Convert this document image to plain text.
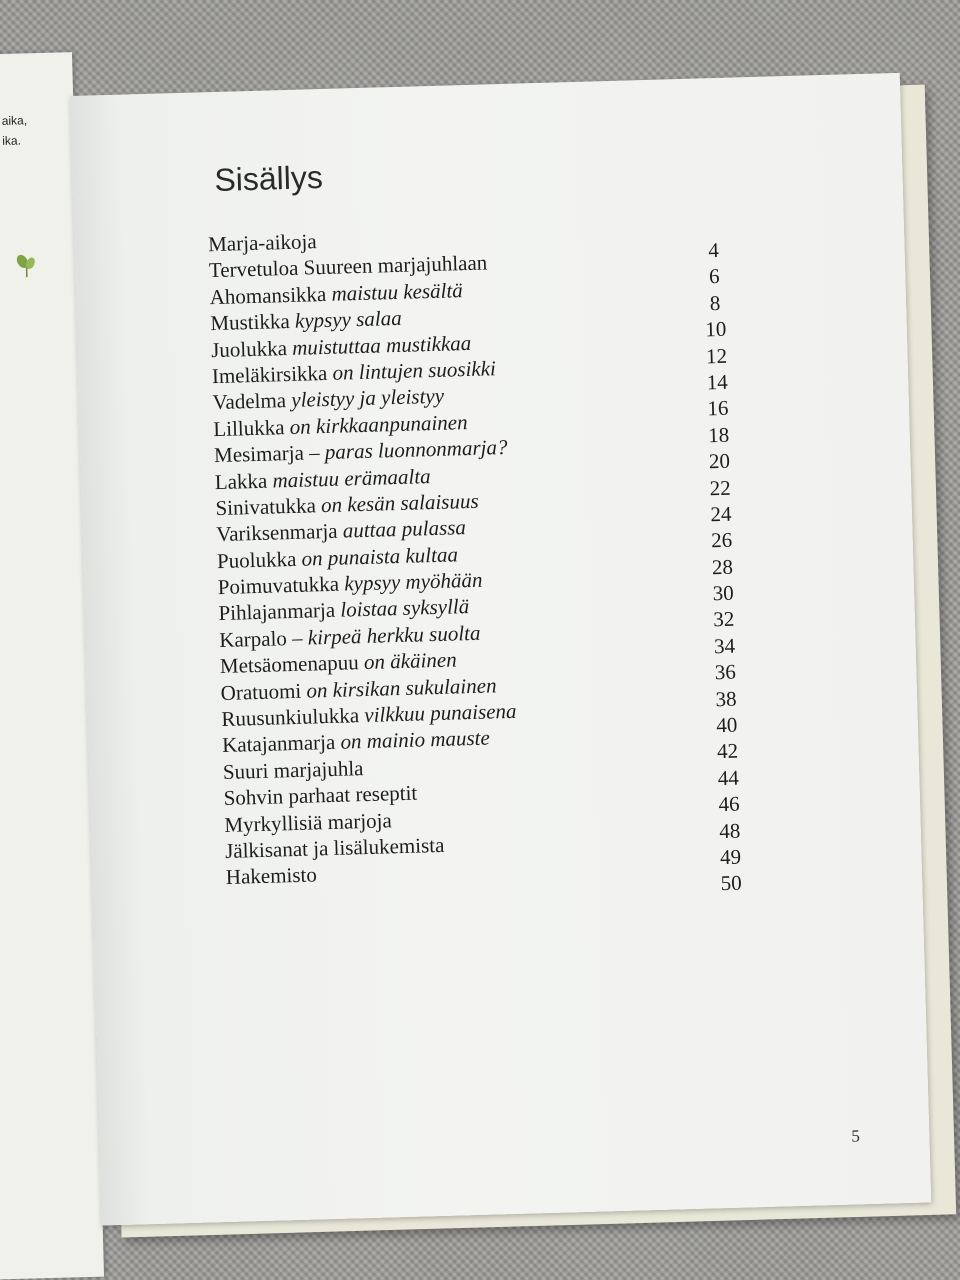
aika,
ika.
Sisällys
Marja-aikoja	4
Tervetuloa Suureen marjajuhlaan	6
Ahomansikka maistuu kesältä	8
Mustikka kypsyy salaa	10
Juolukka muistuttaa mustikkaa	12
Imeläkirsikka on lintujen suosikki	14
Vadelma yleistyy ja yleistyy	16
Lillukka on kirkkaanpunainen	18
Mesimarja – paras luonnonmarja?	20
Lakka maistuu erämaalta	22
Sinivatukka on kesän salaisuus	24
Variksenmarja auttaa pulassa	26
Puolukka on punaista kultaa	28
Poimuvatukka kypsyy myöhään	30
Pihlajanmarja loistaa syksyllä	32
Karpalo – kirpeä herkku suolta	34
Metsäomenapuu on äkäinen	36
Oratuomi on kirsikan sukulainen	38
Ruusunkiulukka vilkkuu punaisena	40
Katajanmarja on mainio mauste	42
Suuri marjajuhla	44
Sohvin parhaat reseptit	46
Myrkyllisiä marjoja	48
Jälkisanat ja lisälukemista	49
Hakemisto	50
5
